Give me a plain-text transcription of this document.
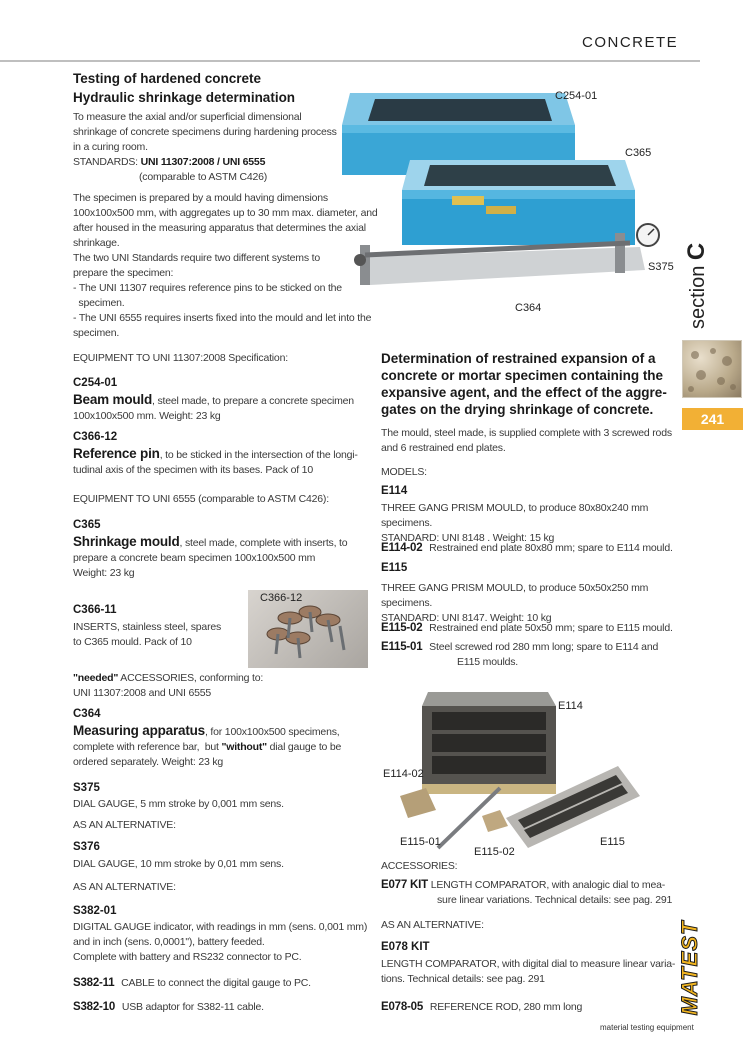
CONCRETE
section C
241
MATEST
material testing equipment
C254-01
C365
S375
C364
Testing of hardened concrete
Hydraulic shrinkage determination
To measure the axial and/or superficial dimensional
shrinkage of concrete specimens during hardening process
in a curing room.
STANDARDS: UNI 11307:2008 / UNI 6555
(comparable to ASTM C426)
The specimen is prepared by a mould having dimensions
100x100x500 mm, with aggregates up to 30 mm max. diameter, and
after housed in the measuring apparatus that determines the axial
shrinkage.
The two UNI Standards require two different systems to
prepare the specimen:
- The UNI 11307 requires reference pins to be sticked on the
specimen.
- The UNI 6555 requires inserts fixed into the mould and let into the specimen.
EQUIPMENT TO UNI 11307:2008 Specification:
C254-01
Beam mould, steel made, to prepare a concrete specimen
100x100x500 mm. Weight: 23 kg
C366-12
Reference pin, to be sticked in the intersection of the longi-
tudinal axis of the specimen with its bases. Pack of 10
EQUIPMENT TO UNI 6555 (comparable to ASTM C426):
C365
Shrinkage mould, steel made, complete with inserts, to
prepare a concrete beam specimen 100x100x500 mm
Weight: 23 kg
C366-11
INSERTS, stainless steel, spares
to C365 mould. Pack of 10
C366-12
"needed" ACCESSORIES, conforming to:
UNI 11307:2008 and UNI 6555
C364
Measuring apparatus, for 100x100x500 specimens,
complete with reference bar,  but "without" dial gauge to be
ordered separately. Weight: 23 kg
S375
DIAL GAUGE, 5 mm stroke by 0,001 mm sens.
AS AN ALTERNATIVE:
S376
DIAL GAUGE, 10 mm stroke by 0,01 mm sens.
AS AN ALTERNATIVE:
S382-01
DIGITAL GAUGE indicator, with readings in mm (sens. 0,001 mm)
and in inch (sens. 0,0001"), battery feeded.
Complete with battery and RS232 connector to PC.
S382-11 CABLE to connect the digital gauge to PC.
S382-10 USB adaptor for S382-11 cable.
Determination of restrained expansion of a
concrete or mortar specimen containing the
expansive agent, and the effect of the aggre-
gates on the drying shrinkage of concrete.
The mould, steel made, is supplied complete with 3 screwed rods
and 6 restrained end plates.
MODELS:
E114
THREE GANG PRISM MOULD, to produce 80x80x240 mm specimens.
STANDARD: UNI 8148 . Weight: 15 kg
E114-02 Restrained end plate 80x80 mm; spare to E114 mould.
E115
THREE GANG PRISM MOULD, to produce 50x50x250 mm specimens.
STANDARD: UNI 8147. Weight: 10 kg
E115-02 Restrained end plate 50x50 mm; spare to E115 mould.
E115-01 Steel screwed rod 280 mm long; spare to E114 and
E115 moulds.
E114
E114-02
E115-01
E115-02
E115
ACCESSORIES:
E077 KIT LENGTH COMPARATOR, with analogic dial to mea-
sure linear variations. Technical details: see pag. 291
AS AN ALTERNATIVE:
E078 KIT
LENGTH COMPARATOR, with digital dial to measure linear varia-
tions. Technical details: see pag. 291
E078-05 REFERENCE ROD, 280 mm long
